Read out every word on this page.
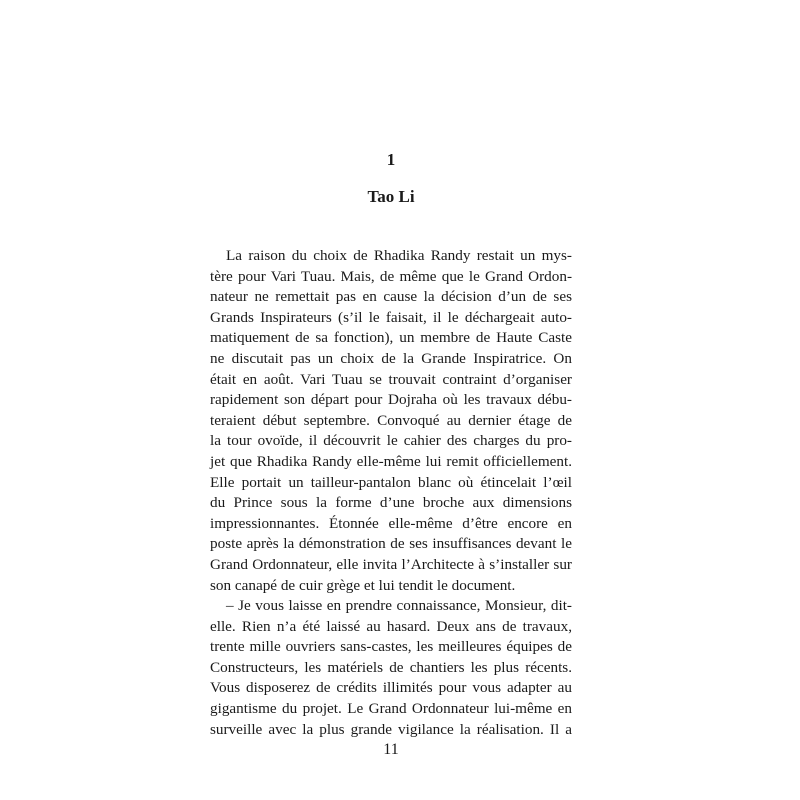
1
Tao Li
La raison du choix de Rhadika Randy restait un mys-
tère pour Vari Tuau. Mais, de même que le Grand Ordon-
nateur ne remettait pas en cause la décision d’un de ses
Grands Inspirateurs (s’il le faisait, il le déchargeait auto-
matiquement de sa fonction), un membre de Haute Caste
ne discutait pas un choix de la Grande Inspiratrice. On
était en août. Vari Tuau se trouvait contraint d’organiser
rapidement son départ pour Dojraha où les travaux débu-
teraient début septembre. Convoqué au dernier étage de
la tour ovoïde, il découvrit le cahier des charges du pro-
jet que Rhadika Randy elle-même lui remit officiellement.
Elle portait un tailleur-pantalon blanc où étincelait l’œil
du Prince sous la forme d’une broche aux dimensions
impressionnantes. Étonnée elle-même d’être encore en
poste après la démonstration de ses insuffisances devant le
Grand Ordonnateur, elle invita l’Architecte à s’installer sur
son canapé de cuir grège et lui tendit le document.
– Je vous laisse en prendre connaissance, Monsieur, dit-
elle. Rien n’a été laissé au hasard. Deux ans de travaux,
trente mille ouvriers sans-castes, les meilleures équipes de
Constructeurs, les matériels de chantiers les plus récents.
Vous disposerez de crédits illimités pour vous adapter au
gigantisme du projet. Le Grand Ordonnateur lui-même en
surveille avec la plus grande vigilance la réalisation. Il a
11
